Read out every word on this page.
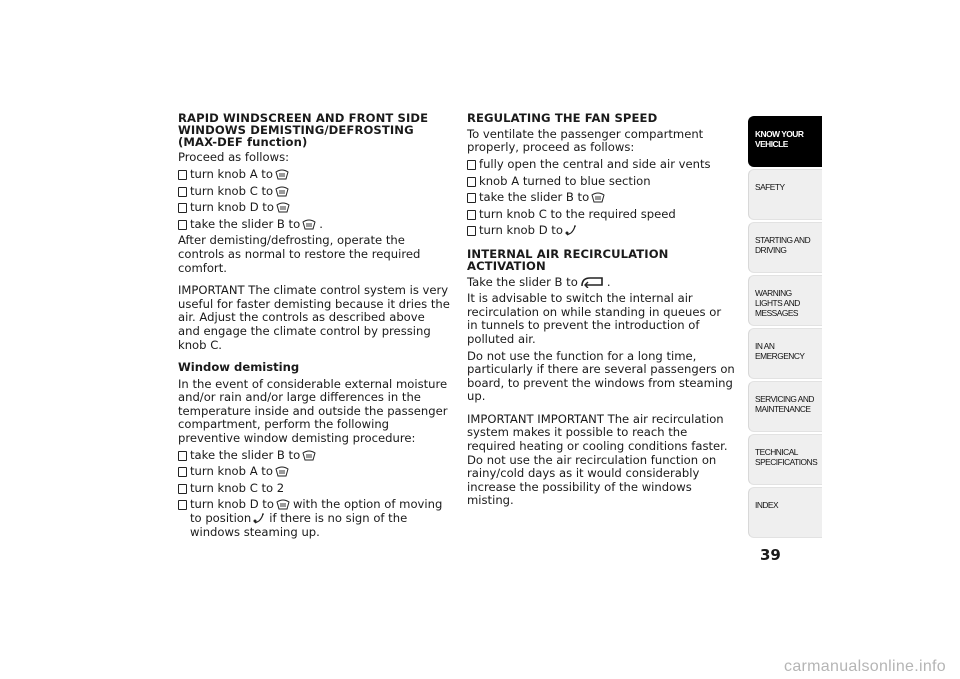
RAPID WINDSCREEN AND FRONT SIDE WINDOWS DEMISTING/DEFROSTING (MAX-DEF function)

Proceed as follows:

turn knob A to
turn knob C to
turn knob D to
take the slider B to .

After demisting/defrosting, operate the controls as normal to restore the required comfort.

IMPORTANT The climate control system is very useful for faster demisting because it dries the air. Adjust the controls as described above and engage the climate control by pressing knob C.

Window demisting

In the event of considerable external moisture and/or rain and/or large differences in the temperature inside and outside the passenger compartment, perform the following preventive window demisting procedure:

take the slider B to
turn knob A to
turn knob C to 2
turn knob D to with the option of moving to position if there is no sign of the windows steaming up.
REGULATING THE FAN SPEED

To ventilate the passenger compartment properly, proceed as follows:

fully open the central and side air vents
knob A turned to blue section
take the slider B to
turn knob C to the required speed
turn knob D to
INTERNAL AIR RECIRCULATION ACTIVATION

Take the slider B to	.

It is advisable to switch the internal air recirculation on while standing in queues or in tunnels to prevent the introduction of polluted air.

Do not use the function for a long time, particularly if there are several passengers on board, to prevent the windows from steaming up.

IMPORTANT IMPORTANT The air recirculation system makes it possible to reach the required heating or cooling conditions faster. Do not use the air recirculation function on rainy/cold days as it would considerably increase the possibility of the windows misting.

KNOW YOUR VEHICLE
SAFETY
STARTING AND DRIVING
WARNING LIGHTS AND MESSAGES
IN AN EMERGENCY
SERVICING AND MAINTENANCE
TECHNICAL SPECIFICATIONS
INDEX
39
carmanualsonline.info
